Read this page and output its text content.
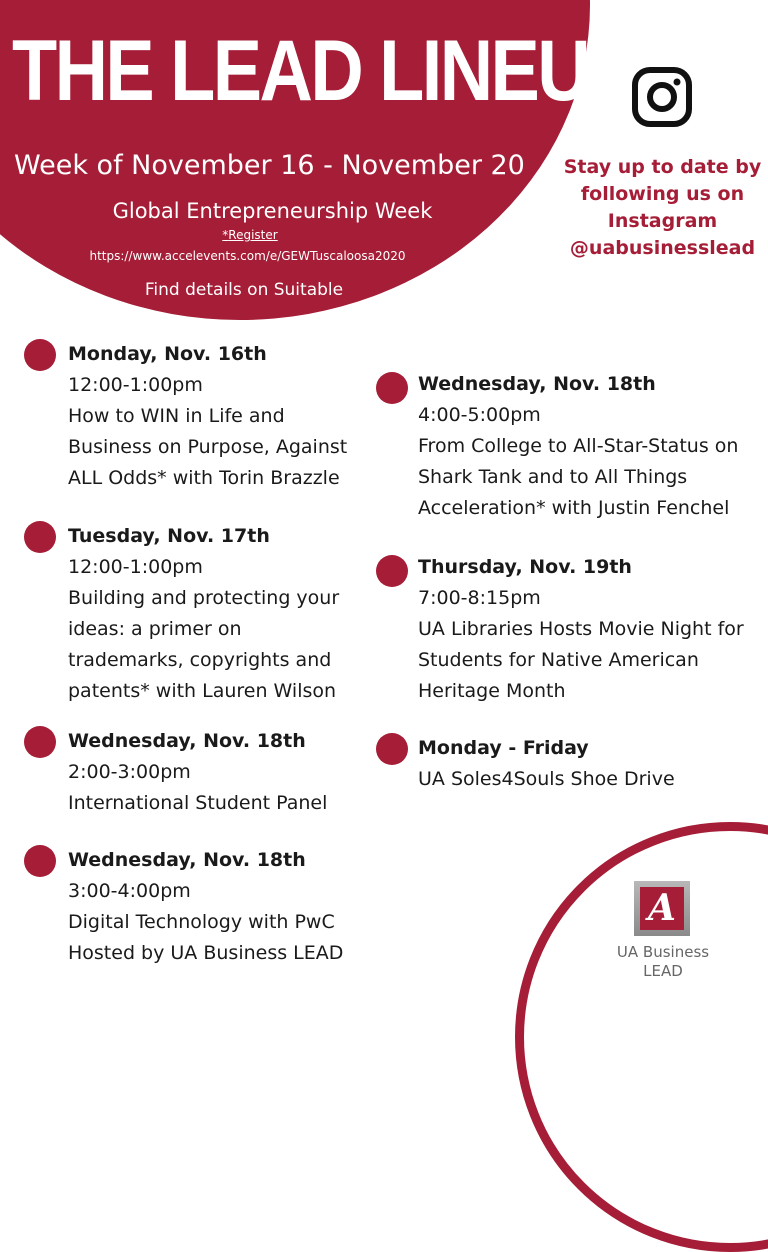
THE LEAD LINEUP:
Week of November 16 - November 20
Global Entrepreneurship Week
*Register
https://www.accelevents.com/e/GEWTuscaloosa2020
Find details on Suitable
Stay up to date by following us on Instagram @uabusinesslead
Monday, Nov. 16th
12:00-1:00pm
How to WIN in Life and
Business on Purpose, Against
ALL Odds* with Torin Brazzle
Tuesday, Nov. 17th
12:00-1:00pm
Building and protecting your
ideas: a primer on
trademarks, copyrights and
patents* with Lauren Wilson
Wednesday, Nov. 18th
2:00-3:00pm
International Student Panel
Wednesday, Nov. 18th
3:00-4:00pm
Digital Technology with PwC
Hosted by UA Business LEAD
Wednesday, Nov. 18th
4:00-5:00pm
From College to All-Star-Status on
Shark Tank and to All Things
Acceleration* with Justin Fenchel
Thursday, Nov. 19th
7:00-8:15pm
UA Libraries Hosts Movie Night for
Students for Native American
Heritage Month
Monday - Friday
UA Soles4Souls Shoe Drive
A
UA Business
LEAD
